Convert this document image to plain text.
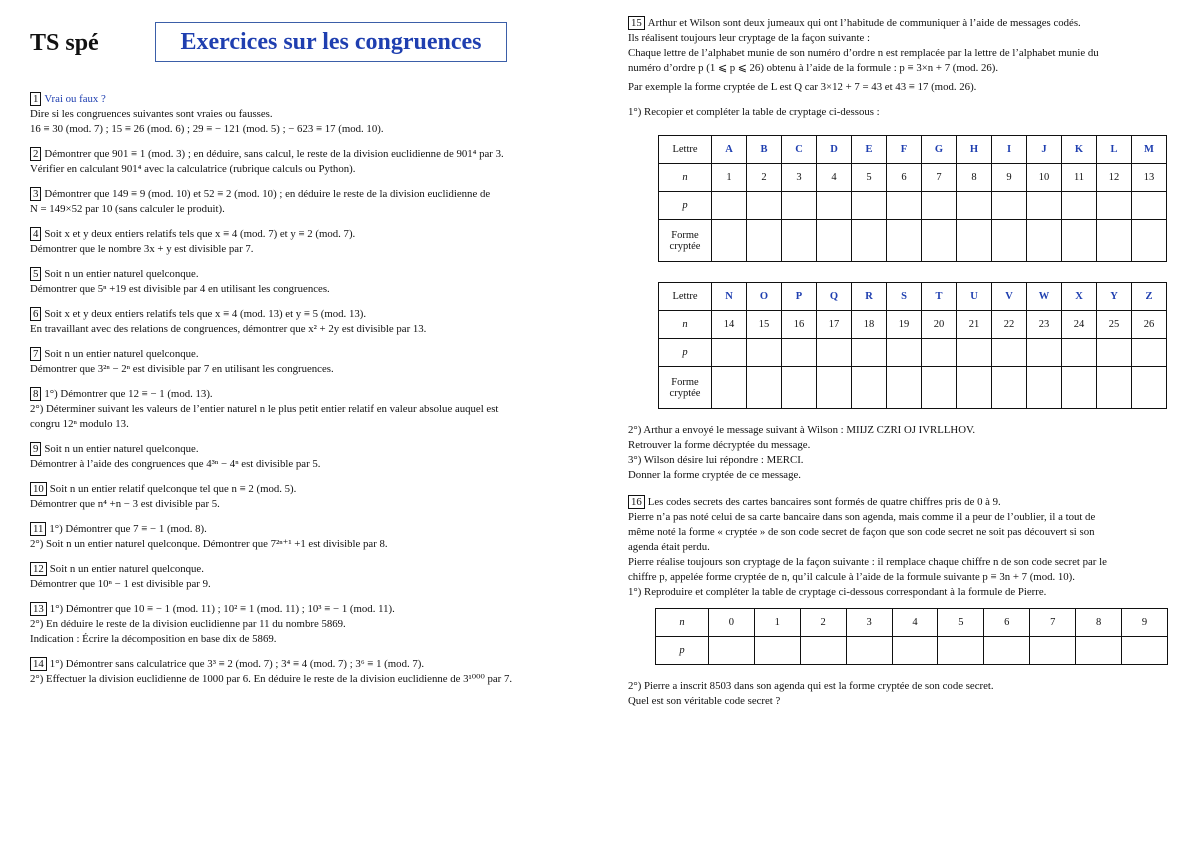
TS spé	Exercices sur les congruences

1 Vrai ou faux ?

Dire si les congruences suivantes sont vraies ou fausses.

16 ≡ 30 (mod. 7) ; 15 ≡ 26 (mod. 6) ; 29 ≡ − 121 (mod. 5) ; − 623 ≡ 17 (mod. 10).

2 Démontrer que 901 ≡ 1 (mod. 3) ; en déduire, sans calcul, le reste de la division euclidienne de 901⁴ par 3.

Vérifier en calculant 901⁴ avec la calculatrice (rubrique calculs ou Python).

3 Démontrer que 149 ≡ 9 (mod. 10) et 52 ≡ 2 (mod. 10) ; en déduire le reste de la division euclidienne de

N = 149×52 par 10 (sans calculer le produit).

4 Soit x et y deux entiers relatifs tels que x ≡ 4 (mod. 7) et y ≡ 2 (mod. 7).

Démontrer que le nombre 3x + y est divisible par 7.

5 Soit n un entier naturel quelconque.

Démontrer que 5ⁿ +19 est divisible par 4 en utilisant les congruences.

6 Soit x et y deux entiers relatifs tels que x ≡ 4 (mod. 13) et y ≡ 5 (mod. 13).

En travaillant avec des relations de congruences, démontrer que x² + 2y est divisible par 13.

7 Soit n un entier naturel quelconque.

Démontrer que 3²ⁿ − 2ⁿ est divisible par 7 en utilisant les congruences.

8 1°) Démontrer que 12 ≡ − 1 (mod. 13).

2°) Déterminer suivant les valeurs de l’entier naturel n le plus petit entier relatif en valeur absolue auquel est

congru 12ⁿ modulo 13.

9 Soit n un entier naturel quelconque.

Démontrer à l’aide des congruences que 4³ⁿ − 4ⁿ est divisible par 5.

10 Soit n un entier relatif quelconque tel que n ≡ 2 (mod. 5).

Démontrer que n⁴ +n − 3 est divisible par 5.

11 1°) Démontrer que 7 ≡ − 1 (mod. 8).

2°) Soit n un entier naturel quelconque. Démontrer que 7²ⁿ⁺¹ +1 est divisible par 8.

12 Soit n un entier naturel quelconque.

Démontrer que 10ⁿ − 1 est divisible par 9.

13 1°) Démontrer que 10 ≡ − 1 (mod. 11) ; 10² ≡ 1 (mod. 11) ; 10³ ≡ − 1 (mod. 11).

2°) En déduire le reste de la division euclidienne par 11 du nombre 5869.

Indication : Écrire la décomposition en base dix de 5869.

14 1°) Démontrer sans calculatrice que 3³ ≡ 2 (mod. 7) ; 3⁴ ≡ 4 (mod. 7) ; 3⁶ ≡ 1 (mod. 7).

2°) Effectuer la division euclidienne de 1000 par 6. En déduire le reste de la division euclidienne de 3¹⁰⁰⁰ par 7.

15 Arthur et Wilson sont deux jumeaux qui ont l’habitude de communiquer à l’aide de messages codés.

Ils réalisent toujours leur cryptage de la façon suivante :

Chaque lettre de l’alphabet munie de son numéro d’ordre n est remplacée par la lettre de l’alphabet munie du

numéro d’ordre p (1 ⩽ p ⩽ 26) obtenu à l’aide de la formule : p ≡ 3×n + 7 (mod. 26).

Par exemple la forme cryptée de L est Q car 3×12 + 7 = 43 et 43 ≡ 17 (mod. 26).

1°) Recopier et compléter la table de cryptage ci-dessous :

Lettre	A	B	C	D	E	F	G	H	I	J	K	L	M
n	1	2	3	4	5	6	7	8	9	10	11	12	13
p													
Forme
cryptée													
Lettre	N	O	P	Q	R	S	T	U	V	W	X	Y	Z
n	14	15	16	17	18	19	20	21	22	23	24	25	26
p													
Forme
cryptée													

2°) Arthur a envoyé le message suivant à Wilson : MIIJZ CZRI OJ IVRLLHOV.

Retrouver la forme décryptée du message.

3°) Wilson désire lui répondre : MERCI.

Donner la forme cryptée de ce message.

16 Les codes secrets des cartes bancaires sont formés de quatre chiffres pris de 0 à 9.

Pierre n’a pas noté celui de sa carte bancaire dans son agenda, mais comme il a peur de l’oublier, il a tout de

même noté la forme « cryptée » de son code secret de façon que son code secret ne soit pas découvert si son

agenda était perdu.

Pierre réalise toujours son cryptage de la façon suivante : il remplace chaque chiffre n de son code secret par le

chiffre p, appelée forme cryptée de n, qu’il calcule à l’aide de la formule suivante p ≡ 3n + 7 (mod. 10).

1°) Reproduire et compléter la table de cryptage ci-dessous correspondant à la formule de Pierre.

n	0	1	2	3	4	5	6	7	8	9
p										

2°) Pierre a inscrit 8503 dans son agenda qui est la forme cryptée de son code secret.

Quel est son véritable code secret ?
